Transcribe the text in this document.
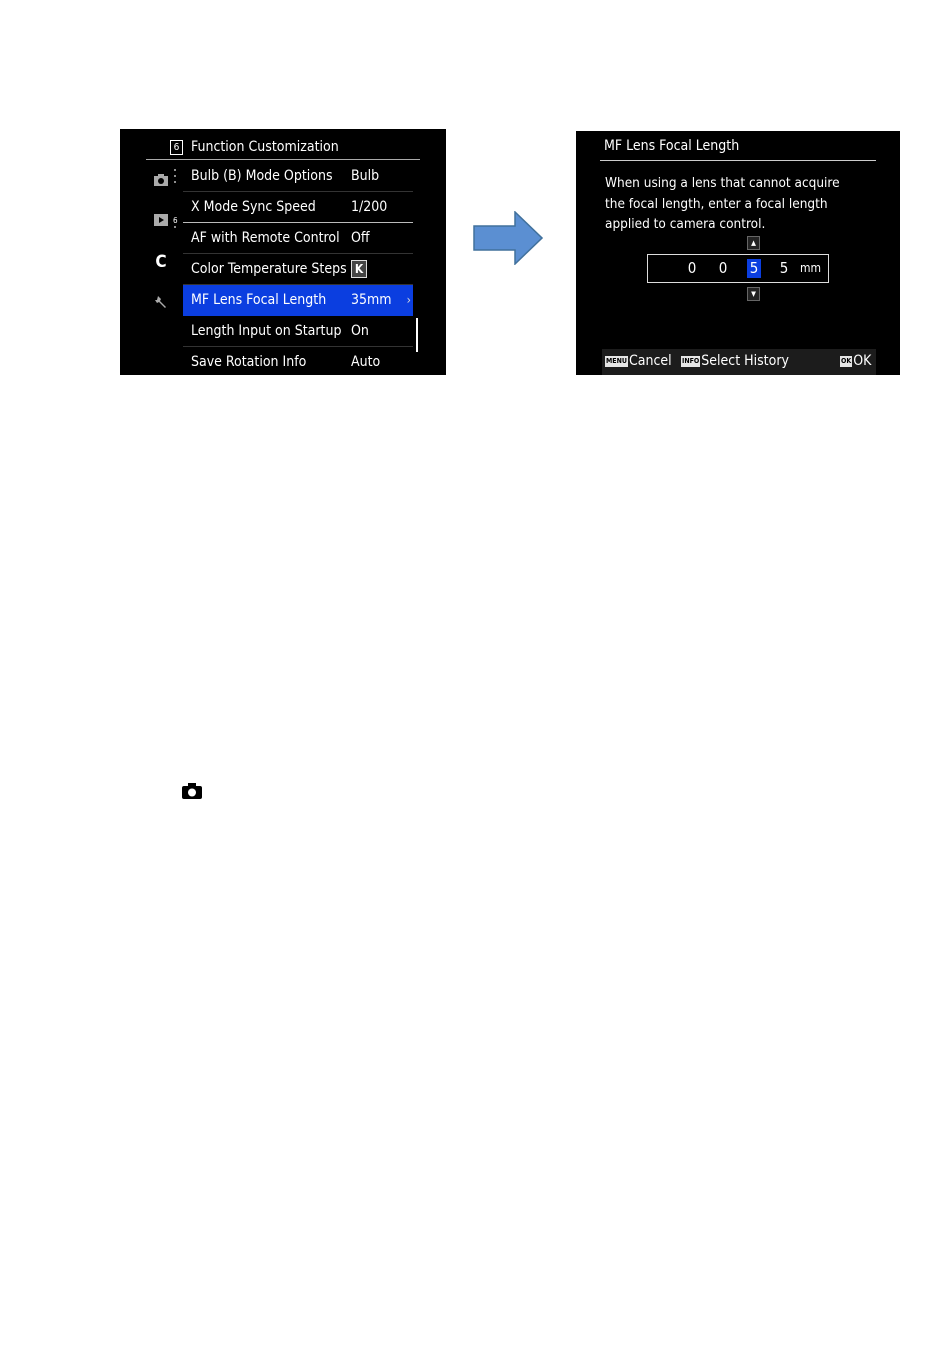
6 Function Customization
C
6
Bulb (B) Mode Options Bulb
X Mode Sync Speed	1/200
AF with Remote Control Off
Color Temperature Steps K
MF Lens Focal Length 35mm ›
Length Input on Startup On
Save Rotation Info	Auto
MF Lens Focal Length
When using a lens that cannot acquire the focal length, enter a focal length applied to camera control.
▲
0 0 5 5 mm
▼
MENU Cancel INFO Select History	OK OK
